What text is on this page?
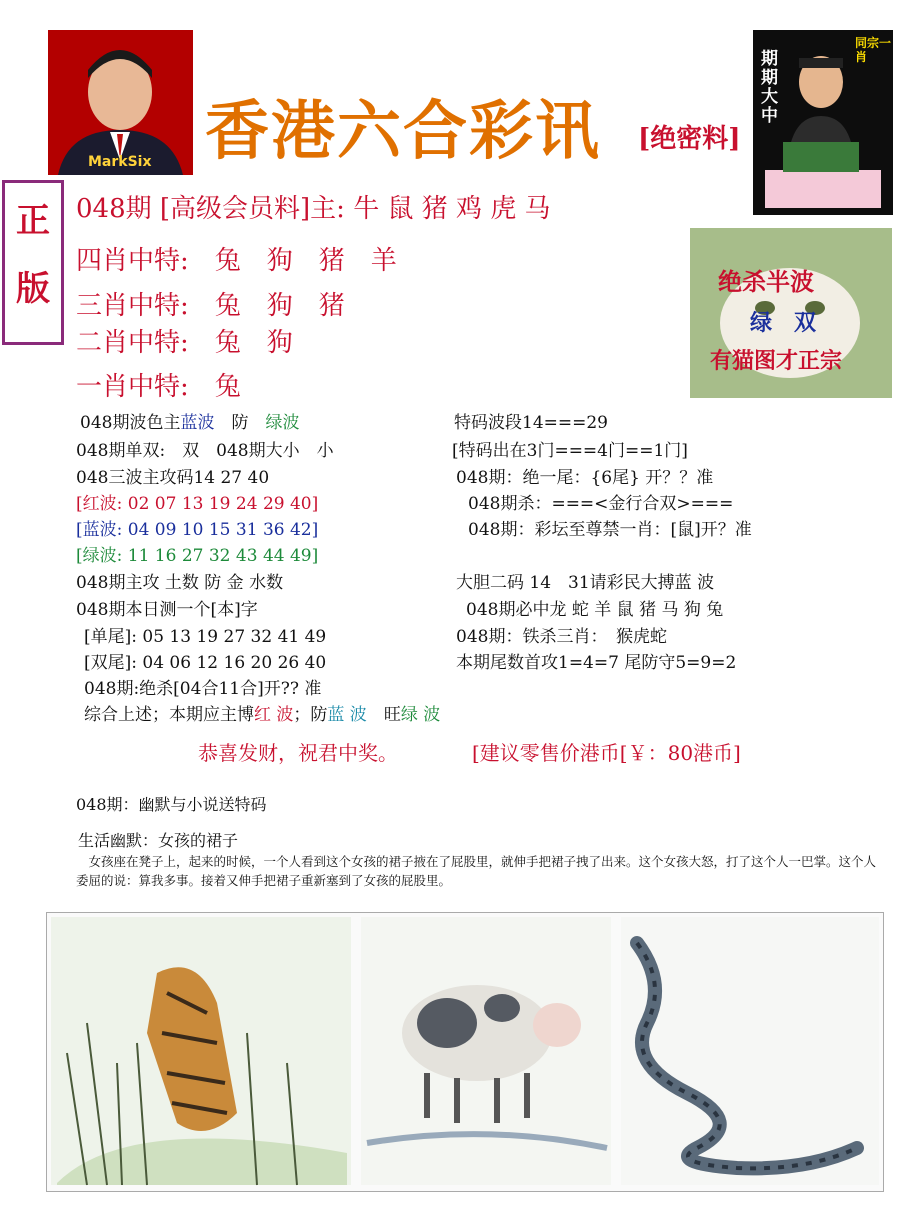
MarkSix 香港六合彩讯 [绝密料]
期期大中
同宗一肖
正
版
048期 [高级会员料]主: 牛 鼠 猪 鸡 虎 马
四肖中特:　兔　狗　猪　羊
三肖中特:　兔　狗　猪
二肖中特:　兔　狗
一肖中特:　兔
绝杀半波
绿　双
有猫图才正宗
048期波色主蓝波　防　 绿波
048期单双:　双　048期大小　小
048三波主攻码14 27 40
[红波: 02 07 13 19 24 29 40]
[蓝波: 04 09 10 15 31 36 42]
[绿波: 11 16 27 32 43 44 49]
048期主攻 土数 防 金 水数
048期本日测一个[本]字
[单尾]: 05 13 19 27 32 41 49
[双尾]: 04 06 12 16 20 26 40
048期:绝杀[04合11合]开?? 准
综合上述；本期应主博红 波；防蓝 波　 旺绿 波
特码波段14===29
[特码出在3门===4门==1门]
048期：绝一尾：{6尾} 开？？准
048期杀：===<金行合双>===
048期：彩坛至尊禁一肖：[鼠]开？准
大胆二码 14　31请彩民大搏蓝 波
048期必中龙 蛇 羊 鼠 猪 马 狗 兔
048期：铁杀三肖：　猴虎蛇
本期尾数首攻1=4=7 尾防守5=9=2
恭喜发财，祝君中奖。	[建议零售价港币[￥：80港币]
048期：幽默与小说送特码
生活幽默：女孩的裙子
女孩座在凳子上，起来的时候，一个人看到这个女孩的裙子掖在了屁股里，就伸手把裙子拽了出来。这个女孩大怒，打了这个人一巴掌。这个人委屈的说：算我多事。接着又伸手把裙子重新塞到了女孩的屁股里。
